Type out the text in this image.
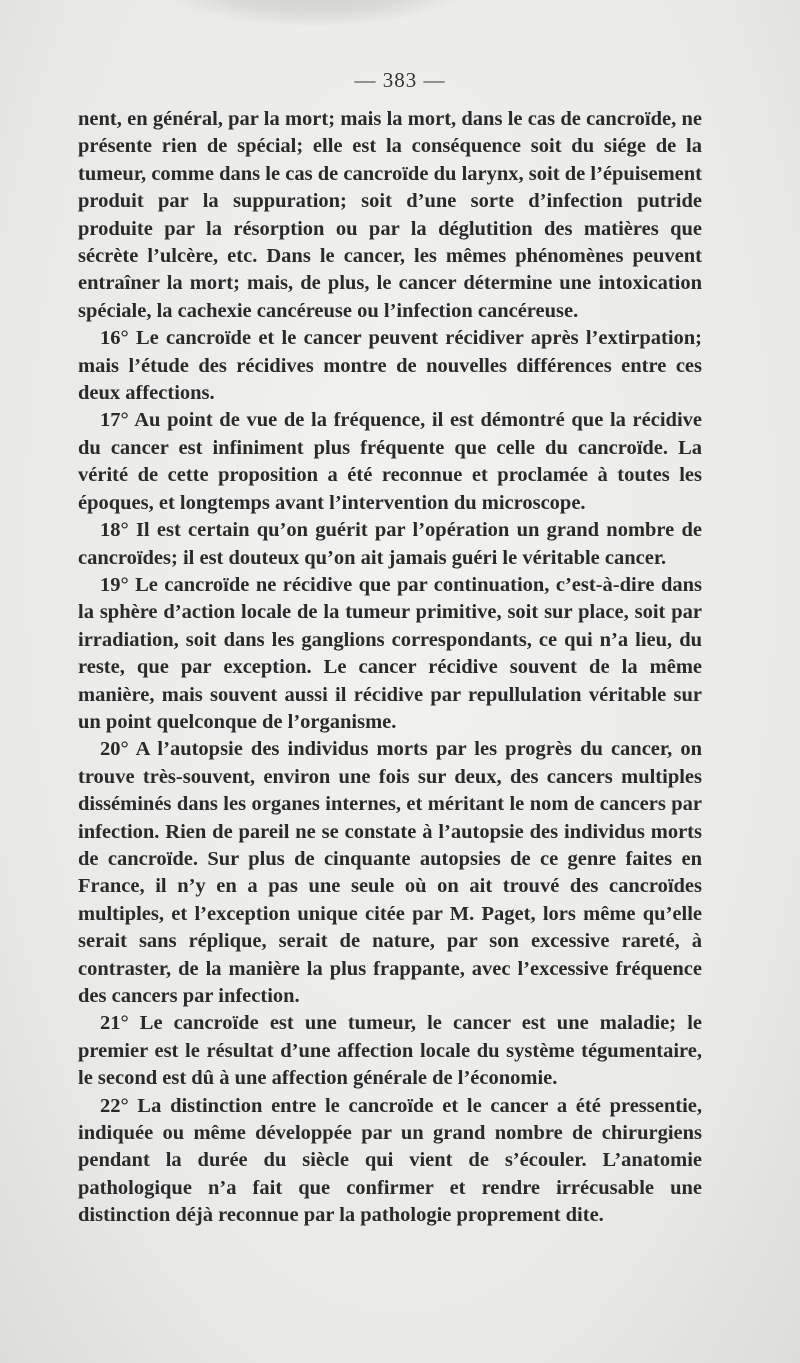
— 383 —

nent, en général, par la mort; mais la mort, dans le cas de cancroïde, ne présente rien de spécial; elle est la conséquence soit du siége de la tumeur, comme dans le cas de cancroïde du larynx, soit de l’épuisement produit par la suppuration; soit d’une sorte d’infection putride produite par la résorption ou par la déglutition des matières que sécrète l’ulcère, etc. Dans le cancer, les mêmes phénomènes peuvent entraîner la mort; mais, de plus, le cancer détermine une intoxication spéciale, la cachexie cancéreuse ou l’infection cancéreuse.

16° Le cancroïde et le cancer peuvent récidiver après l’extirpation; mais l’étude des récidives montre de nouvelles différences entre ces deux affections.

17° Au point de vue de la fréquence, il est démontré que la récidive du cancer est infiniment plus fréquente que celle du cancroïde. La vérité de cette proposition a été reconnue et proclamée à toutes les époques, et longtemps avant l’intervention du microscope.

18° Il est certain qu’on guérit par l’opération un grand nombre de cancroïdes; il est douteux qu’on ait jamais guéri le véritable cancer.

19° Le cancroïde ne récidive que par continuation, c’est-à-dire dans la sphère d’action locale de la tumeur primitive, soit sur place, soit par irradiation, soit dans les ganglions correspondants, ce qui n’a lieu, du reste, que par exception. Le cancer récidive souvent de la même manière, mais souvent aussi il récidive par repullulation véritable sur un point quelconque de l’organisme.

20° A l’autopsie des individus morts par les progrès du cancer, on trouve très-souvent, environ une fois sur deux, des cancers multiples disséminés dans les organes internes, et méritant le nom de cancers par infection. Rien de pareil ne se constate à l’autopsie des individus morts de cancroïde. Sur plus de cinquante autopsies de ce genre faites en France, il n’y en a pas une seule où on ait trouvé des cancroïdes multiples, et l’exception unique citée par M. Paget, lors même qu’elle serait sans réplique, serait de nature, par son excessive rareté, à contraster, de la manière la plus frappante, avec l’excessive fréquence des cancers par infection.

21° Le cancroïde est une tumeur, le cancer est une maladie; le premier est le résultat d’une affection locale du système tégumentaire, le second est dû à une affection générale de l’économie.

22° La distinction entre le cancroïde et le cancer a été pressentie, indiquée ou même développée par un grand nombre de chirurgiens pendant la durée du siècle qui vient de s’écouler. L’anatomie pathologique n’a fait que confirmer et rendre irrécusable une distinction déjà reconnue par la pathologie proprement dite.
